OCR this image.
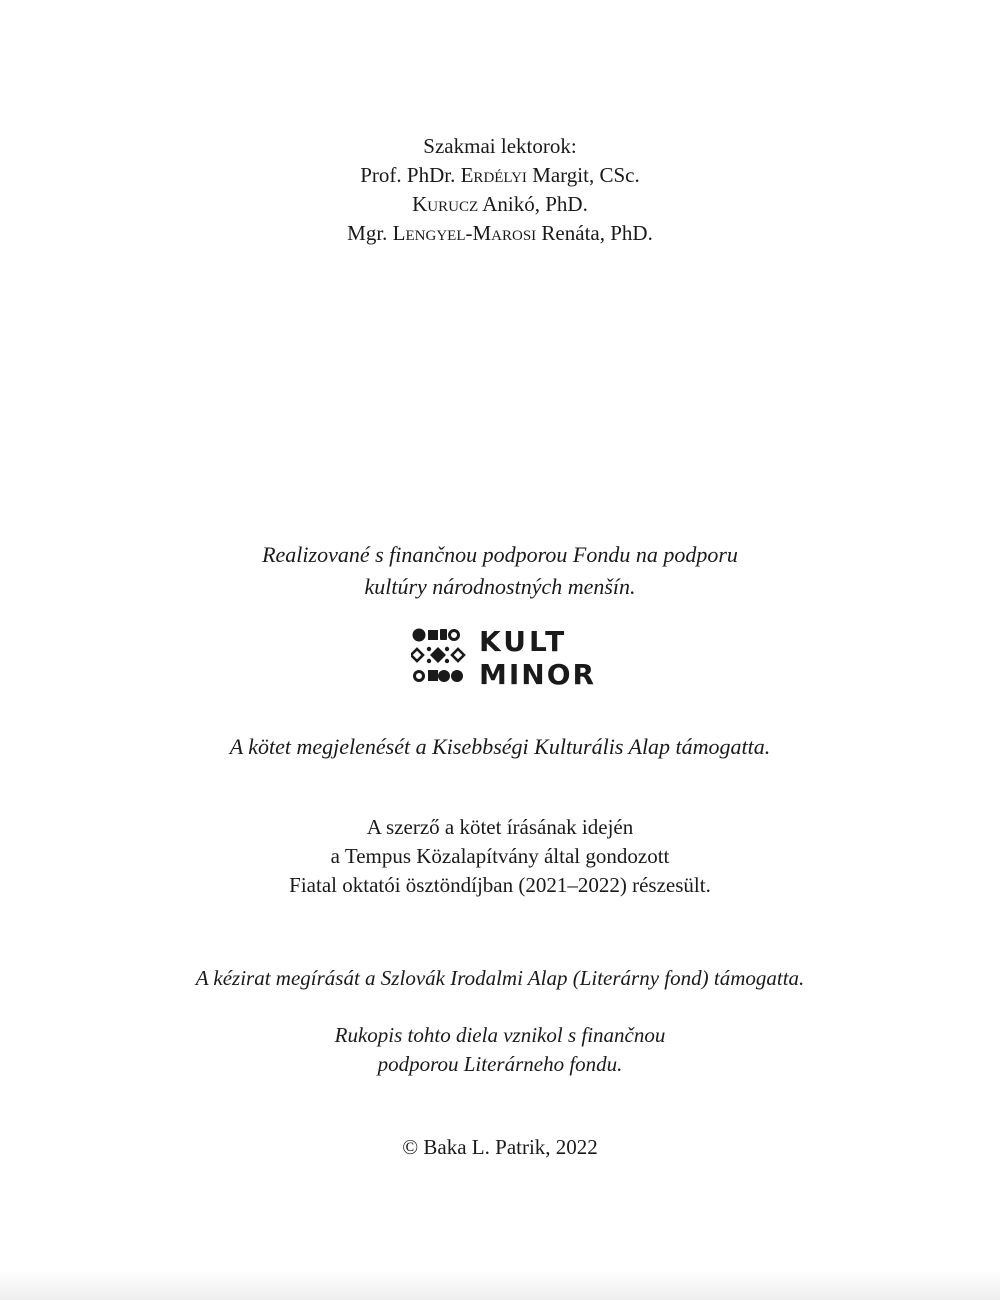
Szakmai lektorok:
Prof. PhDr. Erdélyi Margit, CSc.
Kurucz Anikó, PhD.
Mgr. Lengyel-Marosi Renáta, PhD.
Realizované s finančnou podporou Fondu na podporu
kultúry národnostných menšín.
KULT
MINOR
A kötet megjelenését a Kisebbségi Kulturális Alap támogatta.
A szerző a kötet írásának idején
a Tempus Közalapítvány által gondozott
Fiatal oktatói ösztöndíjban (2021–2022) részesült.
A kézirat megírását a Szlovák Irodalmi Alap (Literárny fond) támogatta.
Rukopis tohto diela vznikol s finančnou
podporou Literárneho fondu.
© Baka L. Patrik, 2022
